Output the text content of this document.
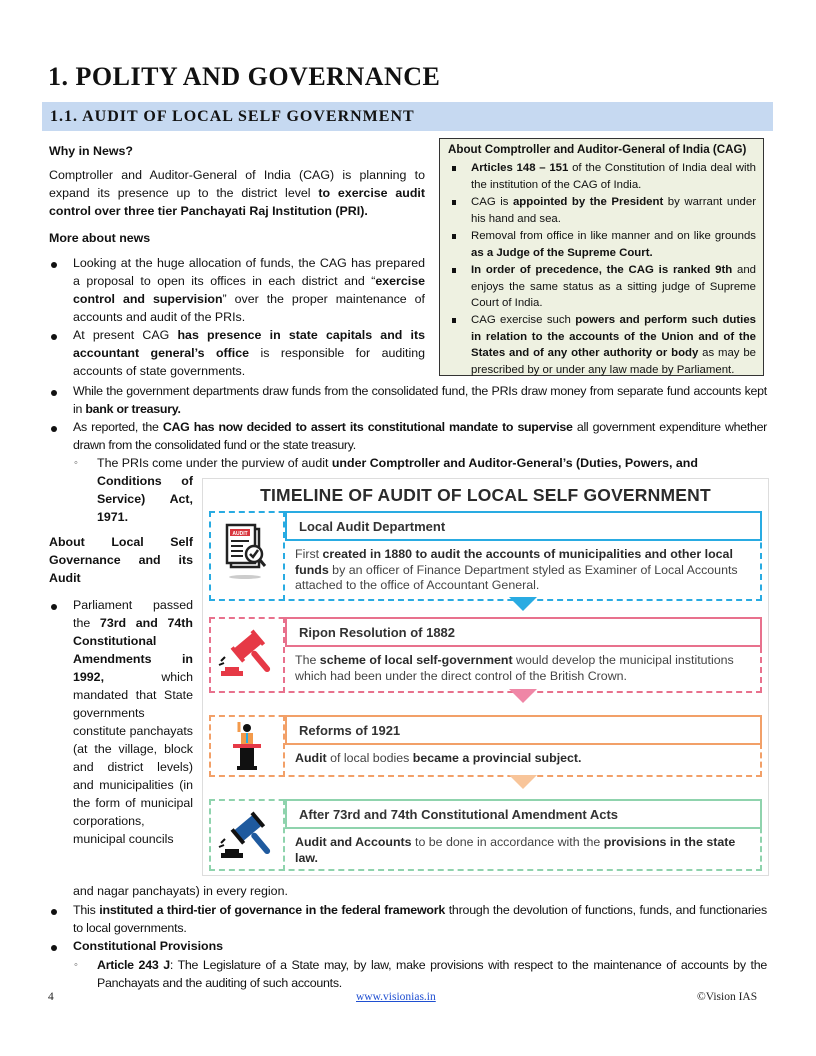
1. POLITY AND GOVERNANCE
1.1. AUDIT OF LOCAL SELF GOVERNMENT
Why in News?
Comptroller and Auditor-General of India (CAG) is planning to expand its presence up to the district level to exercise audit control over three tier Panchayati Raj Institution (PRI).
More about news
Looking at the huge allocation of funds, the CAG has prepared a proposal to open its offices in each district and “exercise control and supervision” over the proper maintenance of accounts and audit of the PRIs.
At present CAG has presence in state capitals and its accountant general’s office is responsible for auditing accounts of state governments.
About Comptroller and Auditor-General of India (CAG)
Articles 148 – 151 of the Constitution of India deal with the institution of the CAG of India.
CAG is appointed by the President by warrant under his hand and sea.
Removal from office in like manner and on like grounds as a Judge of the Supreme Court.
In order of precedence, the CAG is ranked 9th and enjoys the same status as a sitting judge of Supreme Court of India.
CAG exercise such powers and perform such duties in relation to the accounts of the Union and of the States and of any other authority or body as may be prescribed by or under any law made by Parliament.
While the government departments draw funds from the consolidated fund, the PRIs draw money from separate fund accounts kept in bank or treasury.
As reported, the CAG has now decided to assert its constitutional mandate to supervise all government expenditure whether drawn from the consolidated fund or the state treasury.
◦ The PRIs come under the purview of audit under Comptroller and Auditor-General’s (Duties, Powers, and
Conditions of Service) Act,
1971.
About Local Self Governance and its Audit
Parliament passed the 73rd and 74th Constitutional Amendments in 1992, which mandated that State governments constitute panchayats (at the village, block and district levels) and municipalities (in the form of municipal corporations, municipal councils
and nagar panchayats) in every region.
TIMELINE OF AUDIT OF LOCAL SELF GOVERNMENT
AUDIT	Local Audit Department
First created in 1880 to audit the accounts of municipalities and other local funds by an officer of Finance Department styled as Examiner of Local Accounts attached to the office of Accountant General.
Ripon Resolution of 1882
The scheme of local self-government would develop the municipal institutions which had been under the direct control of the British Crown.
Reforms of 1921
Audit of local bodies became a provincial subject.
After 73rd and 74th Constitutional Amendment Acts
Audit and Accounts to be done in accordance with the provisions in the state law.
This instituted a third-tier of governance in the federal framework through the devolution of functions, funds, and functionaries to local governments.
Constitutional Provisions
◦ Article 243 J: The Legislature of a State may, by law, make provisions with respect to the maintenance of accounts by the Panchayats and the auditing of such accounts.
4	www.visionias.in	©Vision IAS
